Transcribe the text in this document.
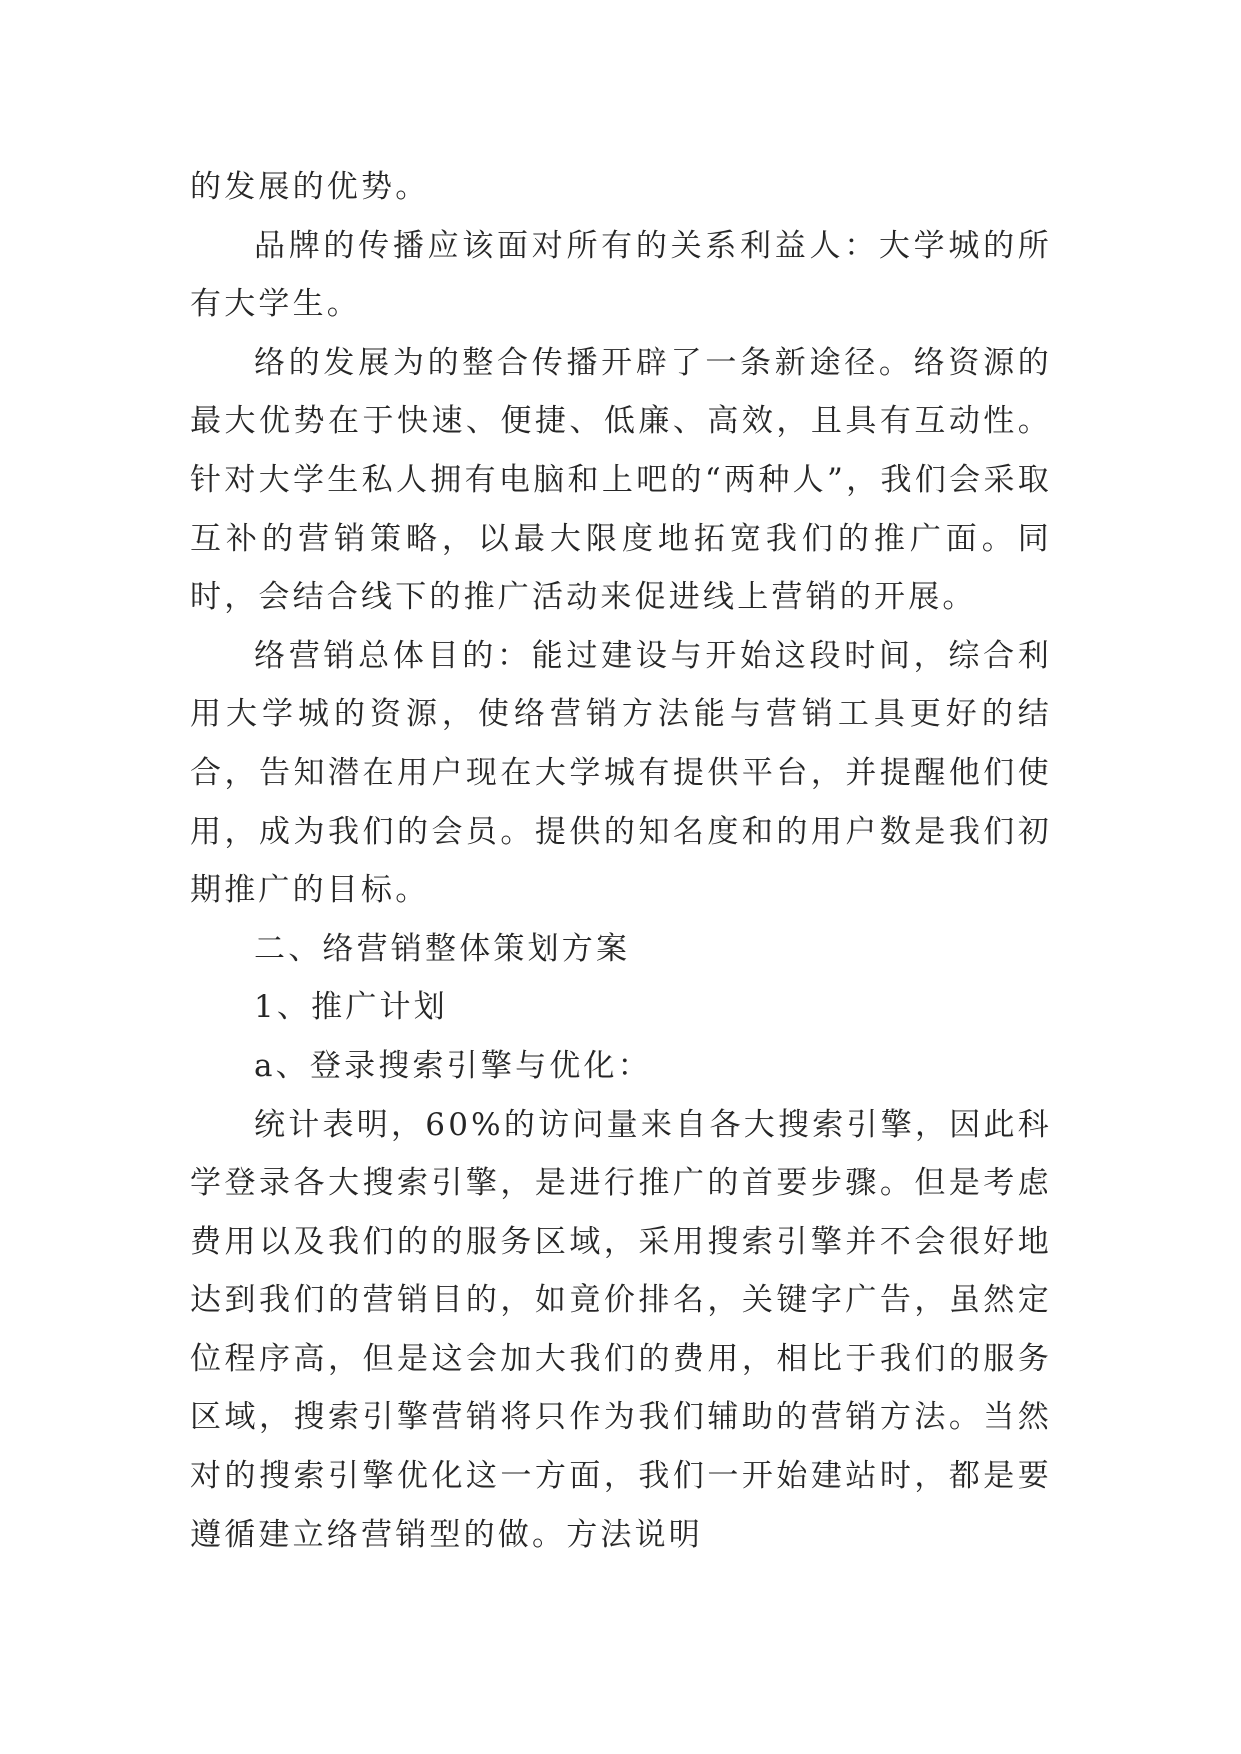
的发展的优势。

品牌的传播应该面对所有的关系利益人：大学城的所有大学生。

络的发展为的整合传播开辟了一条新途径。络资源的最大优势在于快速、便捷、低廉、高效，且具有互动性。针对大学生私人拥有电脑和上吧的“两种人”，我们会采取互补的营销策略，以最大限度地拓宽我们的推广面。同时，会结合线下的推广活动来促进线上营销的开展。

络营销总体目的：能过建设与开始这段时间，综合利用大学城的资源，使络营销方法能与营销工具更好的结合，告知潜在用户现在大学城有提供平台，并提醒他们使用，成为我们的会员。提供的知名度和的用户数是我们初期推广的目标。

二、络营销整体策划方案

1、推广计划

a、登录搜索引擎与优化：

统计表明，60%的访问量来自各大搜索引擎，因此科学登录各大搜索引擎，是进行推广的首要步骤。但是考虑费用以及我们的的服务区域，采用搜索引擎并不会很好地达到我们的营销目的，如竟价排名，关键字广告，虽然定位程序高，但是这会加大我们的费用，相比于我们的服务区域，搜索引擎营销将只作为我们辅助的营销方法。当然对的搜索引擎优化这一方面，我们一开始建站时，都是要遵循建立络营销型的做。方法说明
